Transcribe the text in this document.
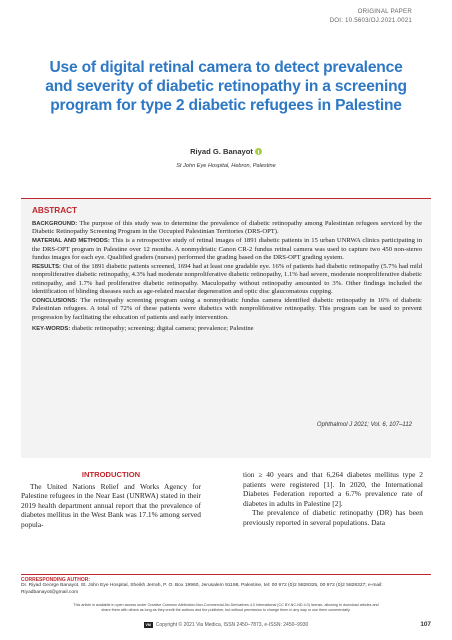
ORIGINAL PAPER
DOI: 10.5603/OJ.2021.0021
Use of digital retinal camera to detect prevalence and severity of diabetic retinopathy in a screening program for type 2 diabetic refugees in Palestine
Riyad G. Banayot
St John Eye Hospital, Hebron, Palestine
ABSTRACT

BACKGROUND: The purpose of this study was to determine the prevalence of diabetic retinopathy among Palestinian refugees serviced by the Diabetic Retinopathy Screening Program in the Occupied Palestinian Territories (DRS-OPT).

MATERIAL AND METHODS: This is a retrospective study of retinal images of 1891 diabetic patients in 15 urban UNRWA clinics participating in the DRS-OPT program in Palestine over 12 months. A nonmydriatic Canon CR-2 fundus retinal camera was used to capture two 450 non-stereo fundus images for each eye. Qualified graders (nurses) performed the grading based on the DRS-OPT grading system.

RESULTS: Out of the 1891 diabetic patients screened, 1694 had at least one gradable eye. 16% of patients had diabetic retinopathy (5.7% had mild nonproliferative diabetic retinopathy, 4.3% had moderate nonproliferative diabetic retinopathy, 1.1% had severe, moderate nonproliferative diabetic retinopathy, and 1.7% had proliferative diabetic retinopathy. Maculopathy without retinopathy amounted to 3%. Other findings included the identification of blinding diseases such as age-related macular degeneration and optic disc glaucomatous cupping.

CONCLUSIONS: The retinopathy screening program using a nonmydriatic fundus camera identified diabetic retinopathy in 16% of diabetic Palestinian refugees. A total of 72% of these patients were diabetics with nonproliferative retinopathy. This program can be used to prevent progression by facilitating the education of patients and early intervention.

KEY-WORDS: diabetic retinopathy; screening; digital camera; prevalence; Palestine

Ophthalmol J 2021; Vol. 6, 107–112
INTRODUCTION

The United Nations Relief and Works Agency for Palestine refugees in the Near East (UNRWA) stated in their 2019 health department annual report that the prevalence of diabetes mellitus in the West Bank was 17.1% among served popula-

tion ≥ 40 years and that 6,264 diabetes mellitus type 2 patients were registered [1]. In 2020, the International Diabetes Federation reported a 6.7% prevalence rate of diabetes in adults in Palestine [2].

The prevalence of diabetic retinopathy (DR) has been previously reported in several populations. Data

CORRESPONDING AUTHOR:
Dr. Riyad George Banayot, St. John Eye Hospital, Sheikh Jerrah, P. O. Box 19960, Jerusalem 91198, Palestine, tel: 00 972 (0)2 5828325, 00 972 (0)2 5828327; e-mail: Riyadbanayot@gmail.com
This article is available in open access under Creative Common Attribution-Non-Commercial-No Derivatives 4.0 International (CC BY-NC-ND 4.0) license, allowing to download articles and share them with others as long as they credit the authors and the publisher, but without permission to change them in any way or use them commercially.
VM Copyright © 2021 Via Medica, ISSN 2450–7873, e-ISSN: 2450–9930	107
